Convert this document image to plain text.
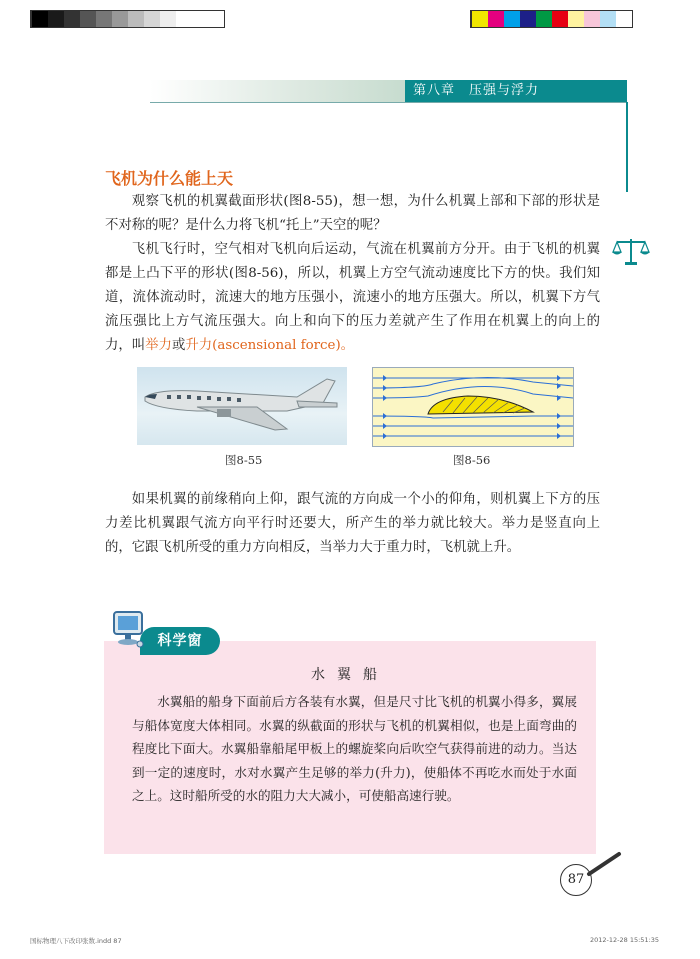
第八章　压强与浮力
飞机为什么能上天

观察飞机的机翼截面形状(图8-55)，想一想，为什么机翼上部和下部的形状是不对称的呢？是什么力将飞机“托上”天空的呢？

飞机飞行时，空气相对飞机向后运动，气流在机翼前方分开。由于飞机的机翼都是上凸下平的形状(图8-56)，所以，机翼上方空气流动速度比下方的快。我们知道，流体流动时，流速大的地方压强小，流速小的地方压强大。所以，机翼下方气流压强比上方气流压强大。向上和向下的压力差就产生了作用在机翼上的向上的力，叫举力或升力(ascensional force)。

图8-55	图8-56

如果机翼的前缘稍向上仰，跟气流的方向成一个小的仰角，则机翼上下方的压力差比机翼跟气流方向平行时还要大，所产生的举力就比较大。举力是竖直向上的，它跟飞机所受的重力方向相反，当举力大于重力时，飞机就上升。

科学窗
水翼船

水翼船的船身下面前后方各装有水翼，但是尺寸比飞机的机翼小得多，翼展与船体宽度大体相同。水翼的纵截面的形状与飞机的机翼相似，也是上面弯曲的程度比下面大。水翼船靠船尾甲板上的螺旋桨向后吹空气获得前进的动力。当达到一定的速度时，水对水翼产生足够的举力(升力)，使船体不再吃水而处于水面之上。这时船所受的水的阻力大大减小，可使船高速行驶。

87
国标物理八下改印张数.indd 87	2012-12-28 15:51:35
